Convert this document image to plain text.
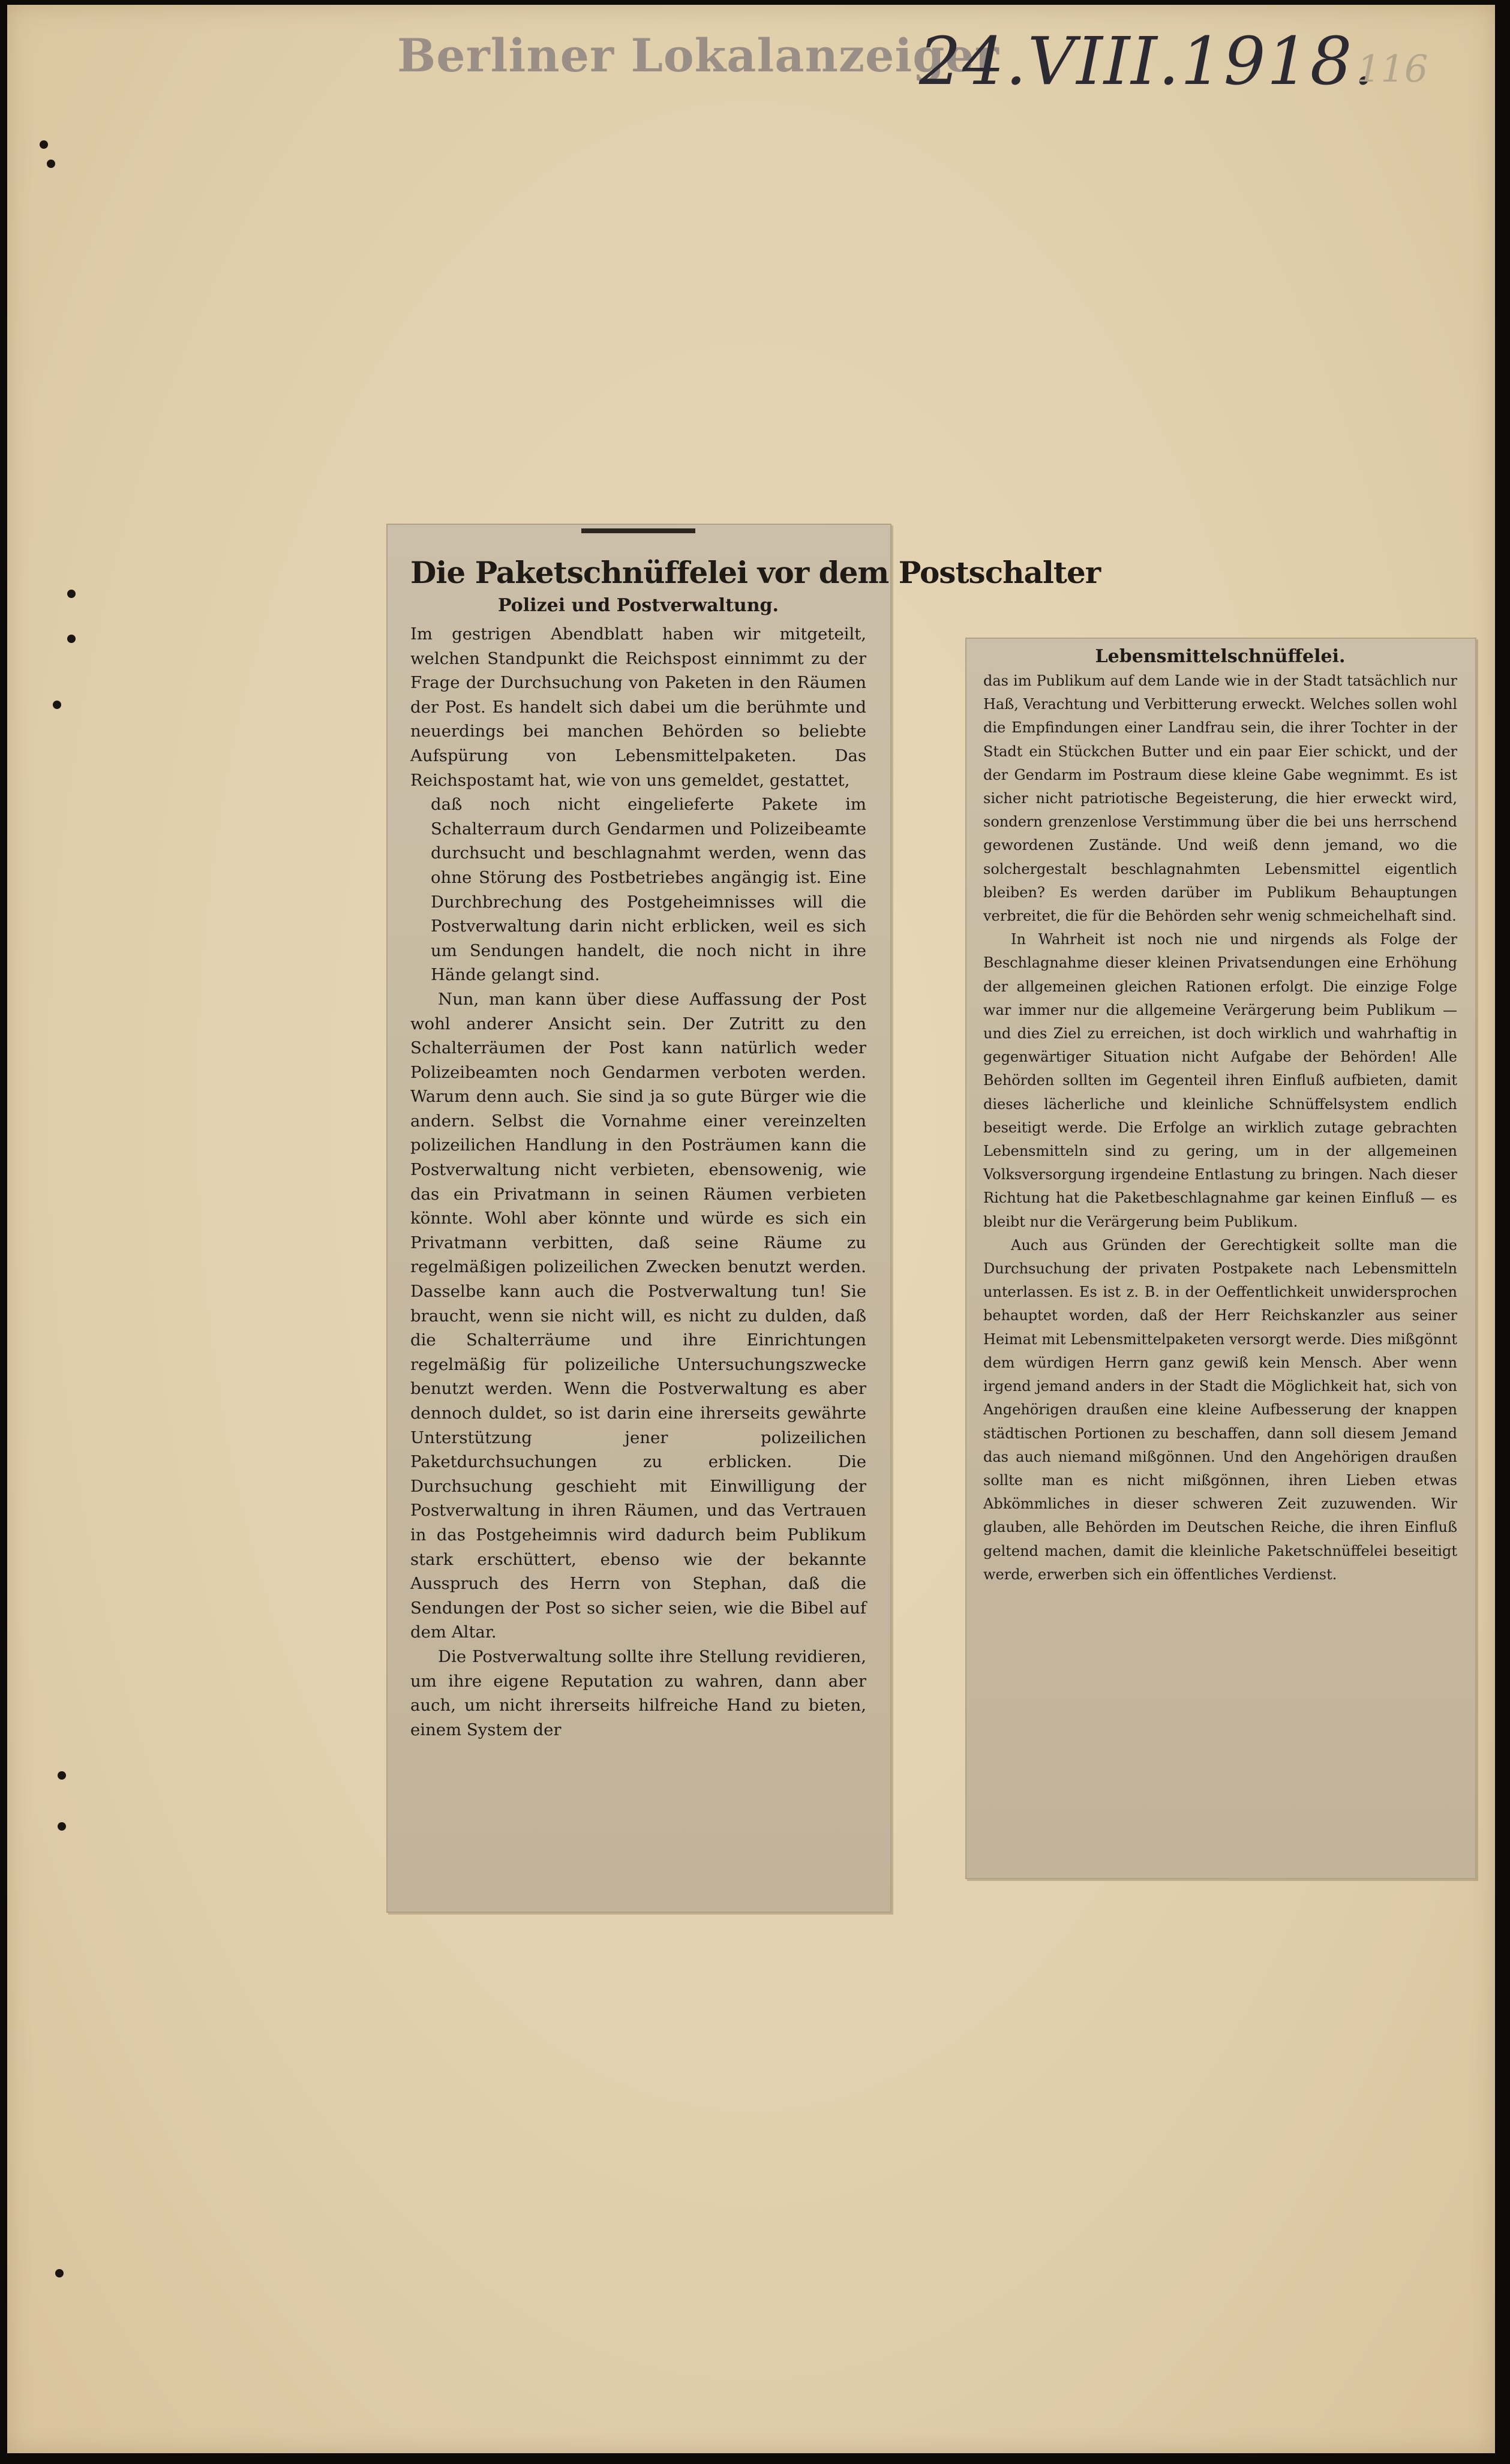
Berliner Lokalanzeiger
24.VIII.1918.
116
Die Paketschnüffelei vor dem Postschalter
Polizei und Postverwaltung.

Im gestrigen Abendblatt haben wir mitgeteilt, welchen Standpunkt die Reichspost einnimmt zu der Frage der Durchsuchung von Paketen in den Räumen der Post. Es handelt sich dabei um die berühmte und neuerdings bei manchen Behörden so beliebte Aufspürung von Lebensmittelpaketen. Das Reichspostamt hat, wie von uns gemeldet, gestattet,

daß noch nicht eingelieferte Pakete im Schalterraum durch Gendarmen und Polizeibeamte durchsucht und beschlagnahmt werden, wenn das ohne Störung des Postbetriebes angängig ist. Eine Durchbrechung des Postgeheimnisses will die Postverwaltung darin nicht erblicken, weil es sich um Sendungen handelt, die noch nicht in ihre Hände gelangt sind.

Nun, man kann über diese Auffassung der Post wohl anderer Ansicht sein. Der Zutritt zu den Schalterräumen der Post kann natürlich weder Polizeibeamten noch Gendarmen verboten werden. Warum denn auch. Sie sind ja so gute Bürger wie die andern. Selbst die Vornahme einer vereinzelten polizeilichen Handlung in den Posträumen kann die Postverwaltung nicht verbieten, ebensowenig, wie das ein Privatmann in seinen Räumen verbieten könnte. Wohl aber könnte und würde es sich ein Privatmann verbitten, daß seine Räume zu regelmäßigen polizeilichen Zwecken benutzt werden. Dasselbe kann auch die Postverwaltung tun! Sie braucht, wenn sie nicht will, es nicht zu dulden, daß die Schalterräume und ihre Einrichtungen regelmäßig für polizeiliche Untersuchungszwecke benutzt werden. Wenn die Postverwaltung es aber dennoch duldet, so ist darin eine ihrerseits gewährte Unterstützung jener polizeilichen Paketdurchsuchungen zu erblicken. Die Durchsuchung geschieht mit Einwilligung der Postverwaltung in ihren Räumen, und das Vertrauen in das Postgeheimnis wird dadurch beim Publikum stark erschüttert, ebenso wie der bekannte Ausspruch des Herrn von Stephan, daß die Sendungen der Post so sicher seien, wie die Bibel auf dem Altar.

Die Postverwaltung sollte ihre Stellung revidieren, um ihre eigene Reputation zu wahren, dann aber auch, um nicht ihrerseits hilfreiche Hand zu bieten, einem System der

Lebensmittelschnüffelei.

das im Publikum auf dem Lande wie in der Stadt tatsächlich nur Haß, Verachtung und Verbitterung erweckt. Welches sollen wohl die Empfindungen einer Landfrau sein, die ihrer Tochter in der Stadt ein Stückchen Butter und ein paar Eier schickt, und der der Gendarm im Postraum diese kleine Gabe wegnimmt. Es ist sicher nicht patriotische Begeisterung, die hier erweckt wird, sondern grenzenlose Verstimmung über die bei uns herrschend gewordenen Zustände. Und weiß denn jemand, wo die solchergestalt beschlagnahmten Lebensmittel eigentlich bleiben? Es werden darüber im Publikum Behauptungen verbreitet, die für die Behörden sehr wenig schmeichelhaft sind.

In Wahrheit ist noch nie und nirgends als Folge der Beschlagnahme dieser kleinen Privatsendungen eine Erhöhung der allgemeinen gleichen Rationen erfolgt. Die einzige Folge war immer nur die allgemeine Verärgerung beim Publikum — und dies Ziel zu erreichen, ist doch wirklich und wahrhaftig in gegenwärtiger Situation nicht Aufgabe der Behörden! Alle Behörden sollten im Gegenteil ihren Einfluß aufbieten, damit dieses lächerliche und kleinliche Schnüffelsystem endlich beseitigt werde. Die Erfolge an wirklich zutage gebrachten Lebensmitteln sind zu gering, um in der allgemeinen Volksversorgung irgendeine Entlastung zu bringen. Nach dieser Richtung hat die Paketbeschlagnahme gar keinen Einfluß — es bleibt nur die Verärgerung beim Publikum.

Auch aus Gründen der Gerechtigkeit sollte man die Durchsuchung der privaten Postpakete nach Lebensmitteln unterlassen. Es ist z. B. in der Oeffentlichkeit unwidersprochen behauptet worden, daß der Herr Reichskanzler aus seiner Heimat mit Lebensmittelpaketen versorgt werde. Dies mißgönnt dem würdigen Herrn ganz gewiß kein Mensch. Aber wenn irgend jemand anders in der Stadt die Möglichkeit hat, sich von Angehörigen draußen eine kleine Aufbesserung der knappen städtischen Portionen zu beschaffen, dann soll diesem Jemand das auch niemand mißgönnen. Und den Angehörigen draußen sollte man es nicht mißgönnen, ihren Lieben etwas Abkömmliches in dieser schweren Zeit zuzuwenden. Wir glauben, alle Behörden im Deutschen Reiche, die ihren Einfluß geltend machen, damit die kleinliche Paketschnüffelei beseitigt werde, erwerben sich ein öffentliches Verdienst.
